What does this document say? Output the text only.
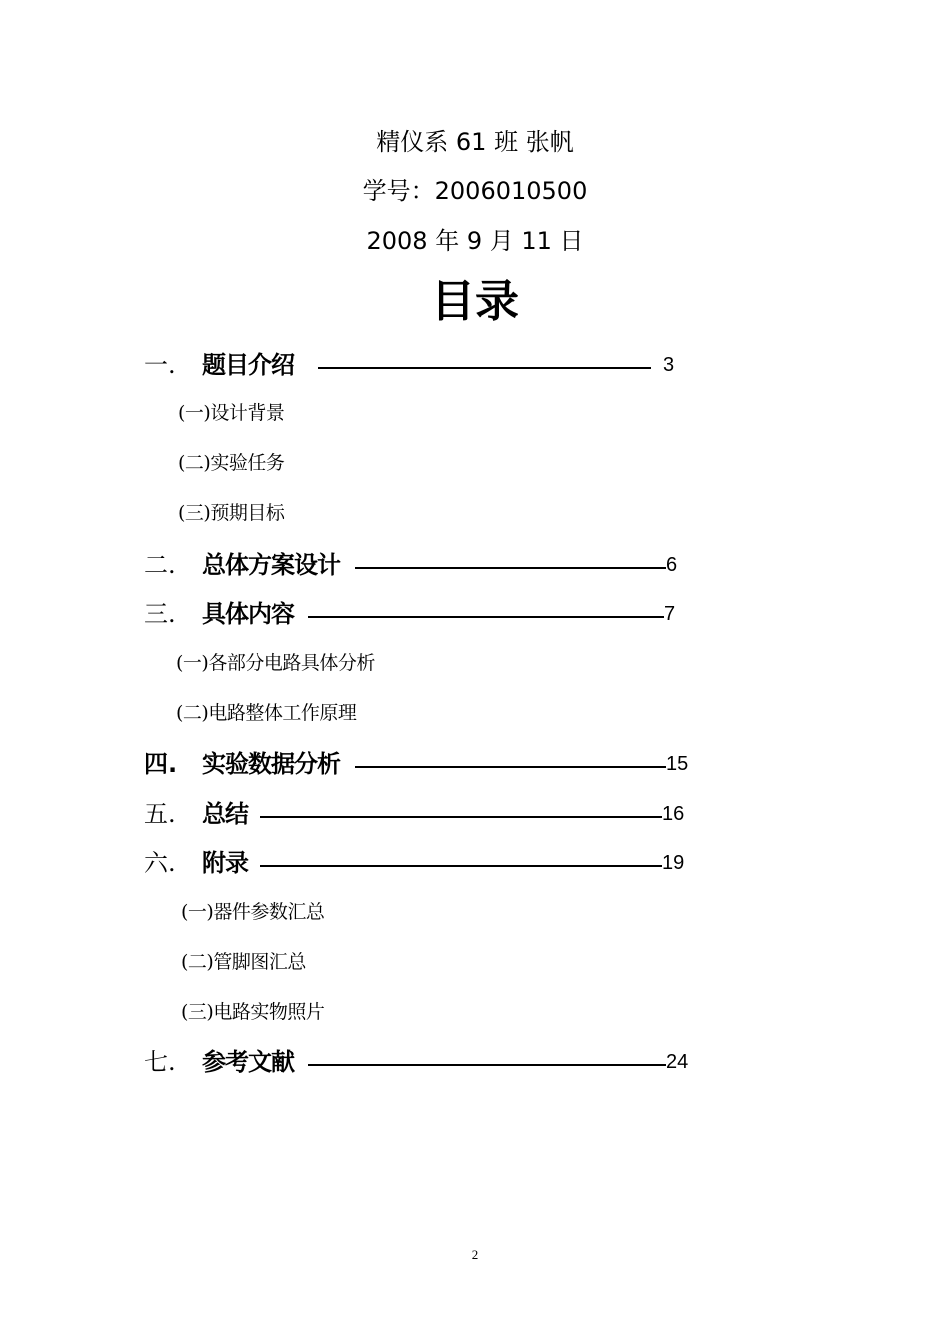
精仪系 61 班 张帆
学号：2006010500
2008 年 9 月 11 日
目录
一. 题目介绍	3
(一)设计背景
(二)实验任务
(三)预期目标
二. 总体方案设计	6
三. 具体内容	7
(一)各部分电路具体分析
(二)电路整体工作原理
四. 实验数据分析	15
五. 总结	16
六. 附录	19
(一)器件参数汇总
(二)管脚图汇总
(三)电路实物照片
七. 参考文献	24
2
